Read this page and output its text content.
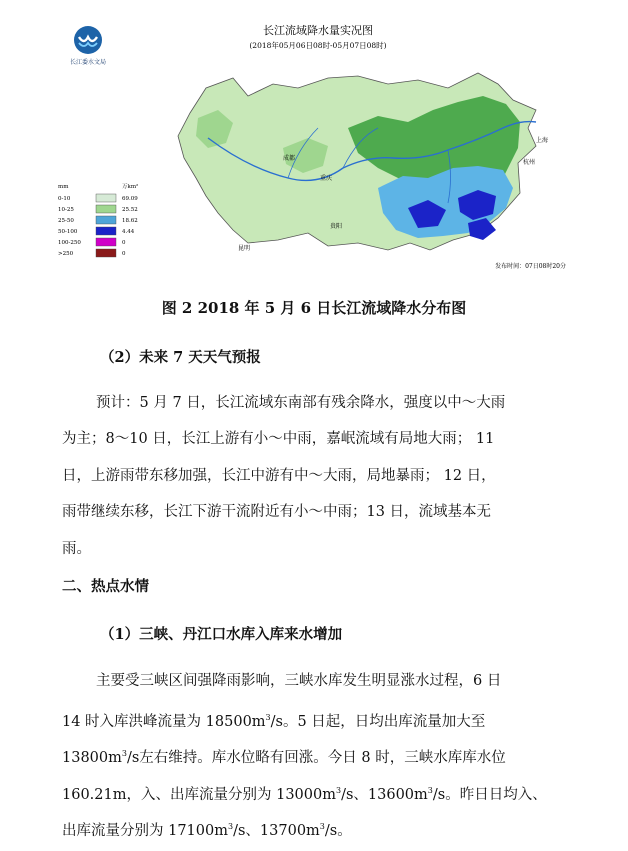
长江委水文局
长江流域降水量实况图
(2018年05月06日08时-05月07日08时)
成都
重庆
贵阳
昆明
杭州
上海
mm	万km²
0-10	69.09
10-25	25.52
25-50	18.62
50-100	4.44
100-250	0
>250	0
发布时间：07日08时20分
图 2 2018 年 5 月 6 日长江流域降水分布图
（2）未来 7 天天气预报
预计：5 月 7 日，长江流域东南部有残余降水，强度以中～大雨
为主；8～10 日，长江上游有小～中雨，嘉岷流域有局地大雨； 11
日，上游雨带东移加强，长江中游有中～大雨，局地暴雨； 12 日，
雨带继续东移，长江下游干流附近有小～中雨；13 日，流域基本无
雨。
二、热点水情
（1）三峡、丹江口水库入库来水增加
主要受三峡区间强降雨影响，三峡水库发生明显涨水过程，6 日
14 时入库洪峰流量为 $18500m^3/s$。5 日起，日均出库流量加大至
$13800m^3/s$左右维持。库水位略有回涨。今日 8 时，三峡水库库水位
160.21m，入、出库流量分别为 $13000m^3/s$、$13600m^3/s$。昨日日均入、
出库流量分别为 $17100m^3/s$、$13700m^3/s$。
